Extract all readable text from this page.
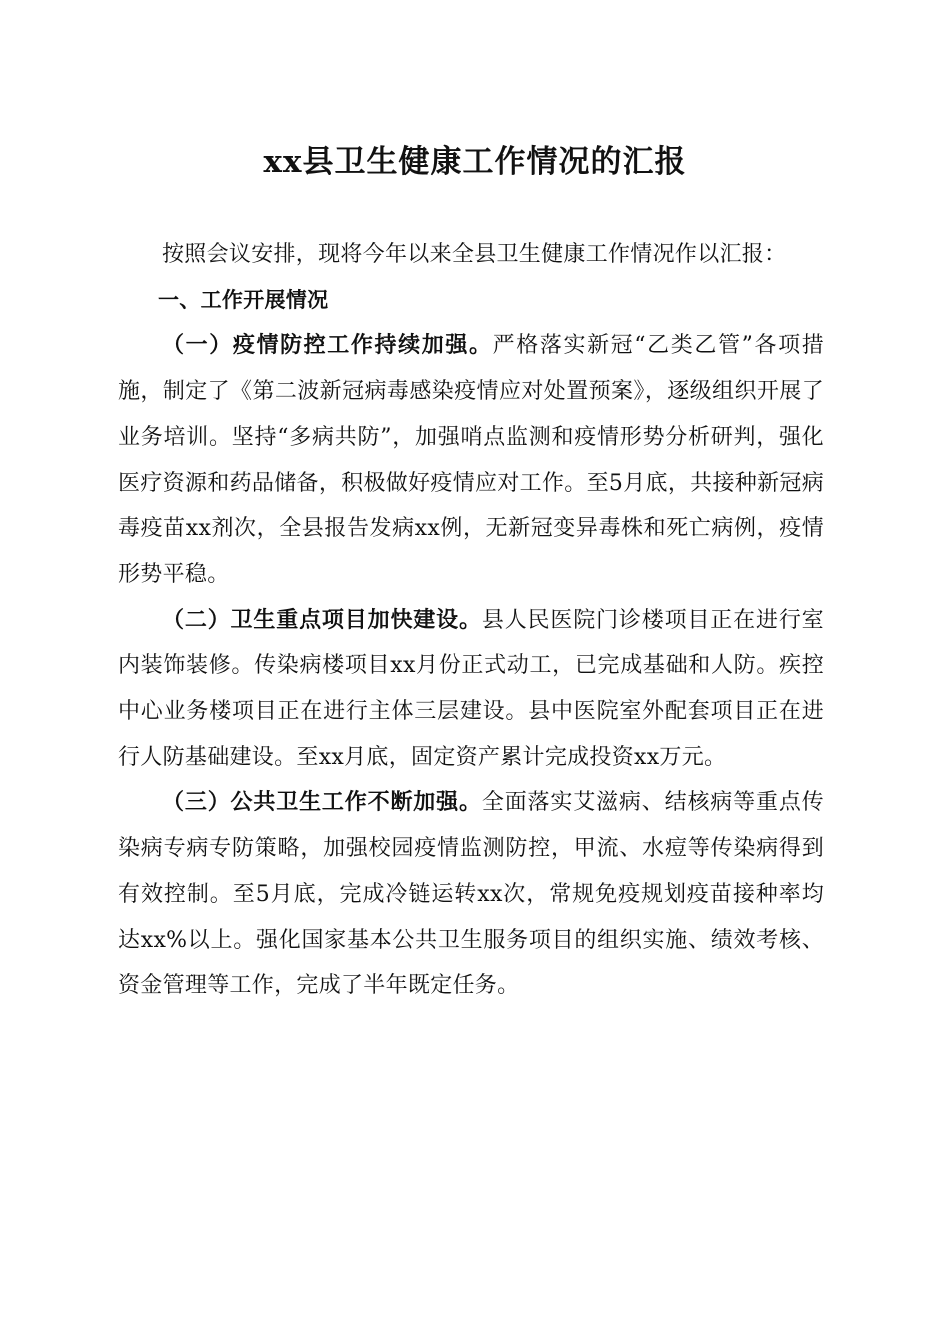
xx县卫生健康工作情况的汇报

按照会议安排，现将今年以来全县卫生健康工作情况作以汇报：

一、工作开展情况

（一）疫情防控工作持续加强。严格落实新冠“乙类乙管”各项措施，制定了《第二波新冠病毒感染疫情应对处置预案》，逐级组织开展了业务培训。坚持“多病共防”，加强哨点监测和疫情形势分析研判，强化医疗资源和药品储备，积极做好疫情应对工作。至5月底，共接种新冠病毒疫苗xx剂次，全县报告发病xx例，无新冠变异毒株和死亡病例，疫情形势平稳。

（二）卫生重点项目加快建设。县人民医院门诊楼项目正在进行室内装饰装修。传染病楼项目xx月份正式动工，已完成基础和人防。疾控中心业务楼项目正在进行主体三层建设。县中医院室外配套项目正在进行人防基础建设。至xx月底，固定资产累计完成投资xx万元。

（三）公共卫生工作不断加强。全面落实艾滋病、结核病等重点传染病专病专防策略，加强校园疫情监测防控，甲流、水痘等传染病得到有效控制。至5月底，完成冷链运转xx次，常规免疫规划疫苗接种率均达xx%以上。强化国家基本公共卫生服务项目的组织实施、绩效考核、资金管理等工作，完成了半年既定任务。
